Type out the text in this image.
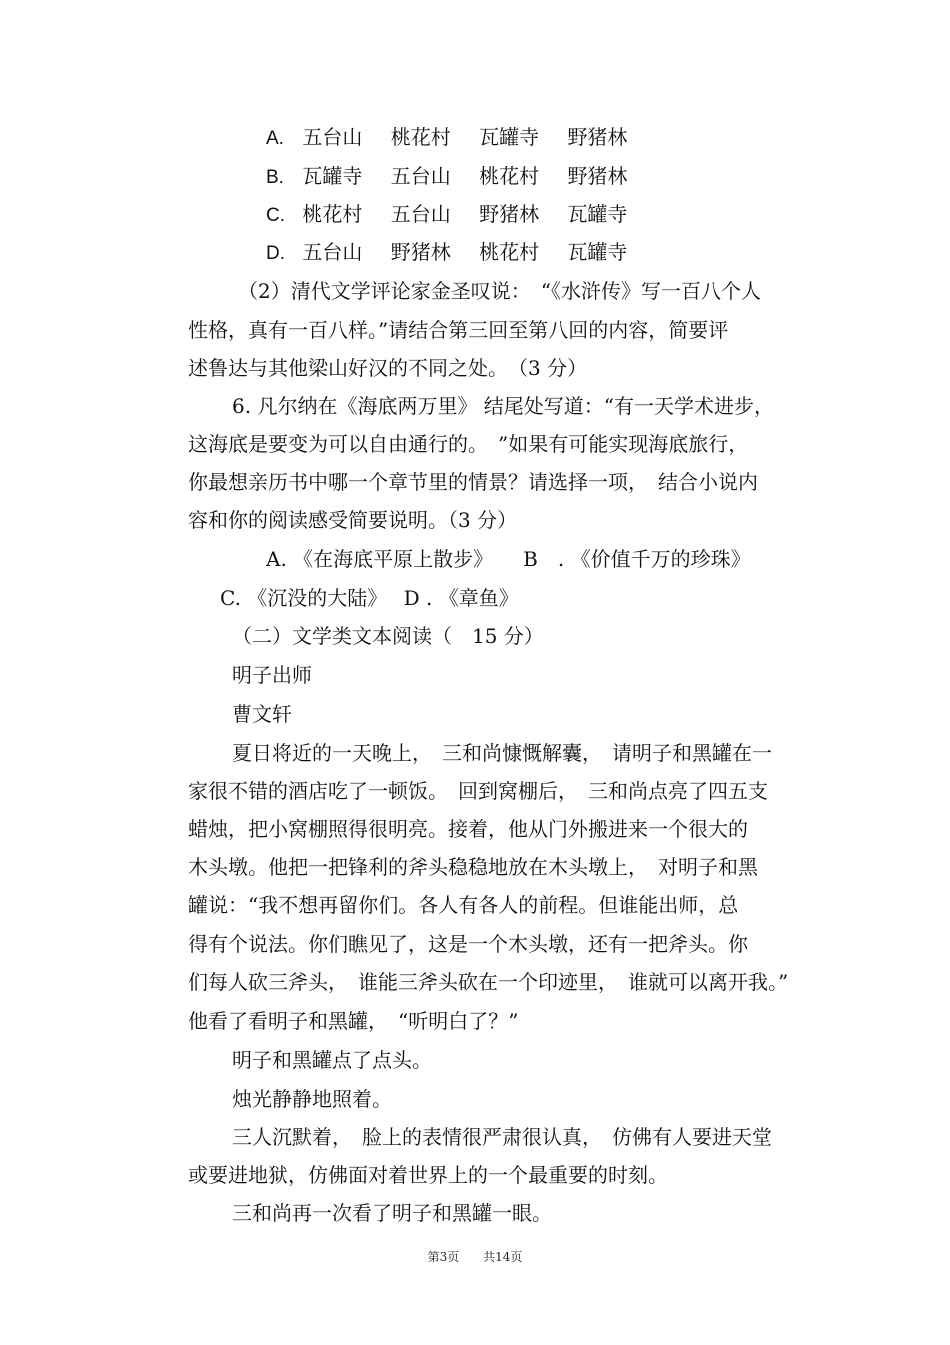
A. 五台山 桃花村 瓦罐寺 野猪林
B. 瓦罐寺 五台山 桃花村 野猪林
C. 桃花村 五台山 野猪林 瓦罐寺
D. 五台山 野猪林 桃花村 瓦罐寺
（2）清代文学评论家金圣叹说：　“《水浒传》写一百八个人
性格，真有一百八样。”请结合第三回至第八回的内容，简要评
述鲁达与其他梁山好汉的不同之处。　（3 分）
6. 凡尔纳在《海底两万里》 结尾处写道：“有一天学术进步，
这海底是要变为可以自由通行的。　”如果有可能实现海底旅行，
你最想亲历书中哪一个章节里的情景？请选择一项，　结合小说内
容和你的阅读感受简要说明。（3 分）
A. 《在海底平原上散步》　　B　. 《价值千万的珍珠》
C. 《沉没的大陆》　 D . 《章鱼》
（二）文学类文本阅读（　15 分）
明子出师
曹文轩
夏日将近的一天晚上，　三和尚慷慨解囊，　请明子和黑罐在一
家很不错的酒店吃了一顿饭。　回到窝棚后，　三和尚点亮了四五支
蜡烛，把小窝棚照得很明亮。接着，他从门外搬进来一个很大的
木头墩。他把一把锋利的斧头稳稳地放在木头墩上，　对明子和黑
罐说：“我不想再留你们。各人有各人的前程。但谁能出师，总
得有个说法。你们瞧见了，这是一个木头墩，还有一把斧头。你
们每人砍三斧头，　谁能三斧头砍在一个印迹里，　谁就可以离开我。”
他看了看明子和黑罐，　“听明白了？”
明子和黑罐点了点头。
烛光静静地照着。
三人沉默着，　脸上的表情很严肃很认真，　仿佛有人要进天堂
或要进地狱，仿佛面对着世界上的一个最重要的时刻。
三和尚再一次看了明子和黑罐一眼。
第3页 共14页
